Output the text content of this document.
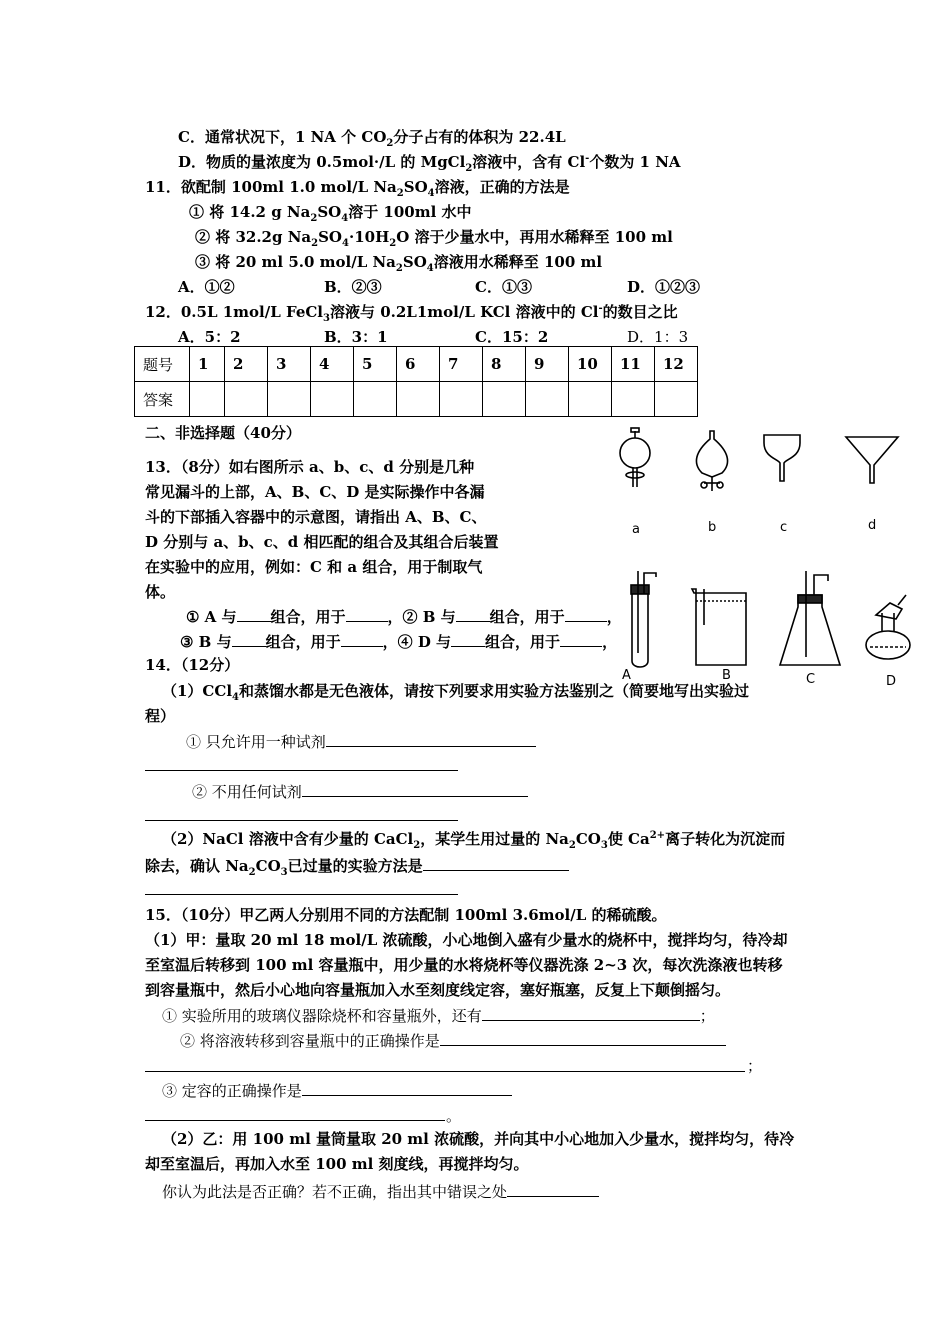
C．通常状况下，1 NA 个 $CO_2$分子占有的体积为 22.4L
D．物质的量浓度为 0.5mol·/L 的 MgCl$_2$溶液中，含有 Cl-个数为 1 NA
11．欲配制 100ml 1.0 mol/L $Na_2SO_4$溶液，正确的方法是
① 将 14.2 g $Na_2SO_4$溶于 100ml 水中
② 将 32.2g $Na_2SO_4\cdot 10H_2O$ 溶于少量水中，再用水稀释至 100 ml
③ 将 20 ml 5.0 mol/L $Na_2SO_4$溶液用水稀释至 100 ml
A．①②	B．②③	C．①③	D．①②③
12．0.5L 1mol/L FeCl$_3$溶液与 0.2L1mol/L KCl 溶液中的 Cl-的数目之比
A．5：2	B．3：1	C．15：2	D．1：3
题号	1	2	3	4	5	6	7	8	9	10	11	12
答案												
二、非选择题（40分）
13．（8分）如右图所示 a、b、c、d 分别是几种
常见漏斗的上部，A、B、C、D 是实际操作中各漏
斗的下部插入容器中的示意图，请指出 A、B、C、
D 分别与 a、b、c、d 相匹配的组合及其组合后装置
在实验中的应用，例如：C 和 a 组合，用于制取气
体。
① A 与 组合，用于	，② B 与 组合，用于	，
③ B 与 组合，用于	，④ D 与 组合，用于	，
a	b	c	d
A	B	C	D
14．（12分）
（1）CCl$_4$和蒸馏水都是无色液体，请按下列要求用实验方法鉴别之（简要地写出实验过
程）
① 只允许用一种试剂
② 不用任何试剂
（2）NaCl 溶液中含有少量的 CaCl$_2$，某学生用过量的 $Na_2CO_3$使 $Ca^{2+}$离子转化为沉淀而
除去，确认 $Na_2CO_3$已过量的实验方法是
15．（10分）甲乙两人分别用不同的方法配制 100ml 3.6mol/L 的稀硫酸。
（1）甲：量取 20 ml 18 mol/L 浓硫酸，小心地倒入盛有少量水的烧杯中，搅拌均匀，待冷却
至室温后转移到 100 ml 容量瓶中，用少量的水将烧杯等仪器洗涤 2~3 次，每次洗涤液也转移
到容量瓶中，然后小心地向容量瓶加入水至刻度线定容，塞好瓶塞，反复上下颠倒摇匀。
① 实验所用的玻璃仪器除烧杯和容量瓶外，还有	；
② 将溶液转移到容量瓶中的正确操作是
；
③ 定容的正确操作是
。
（2）乙：用 100 ml 量筒量取 20 ml 浓硫酸，并向其中小心地加入少量水，搅拌均匀，待冷
却至室温后，再加入水至 100 ml 刻度线，再搅拌均匀。
你认为此法是否正确？若不正确，指出其中错误之处
